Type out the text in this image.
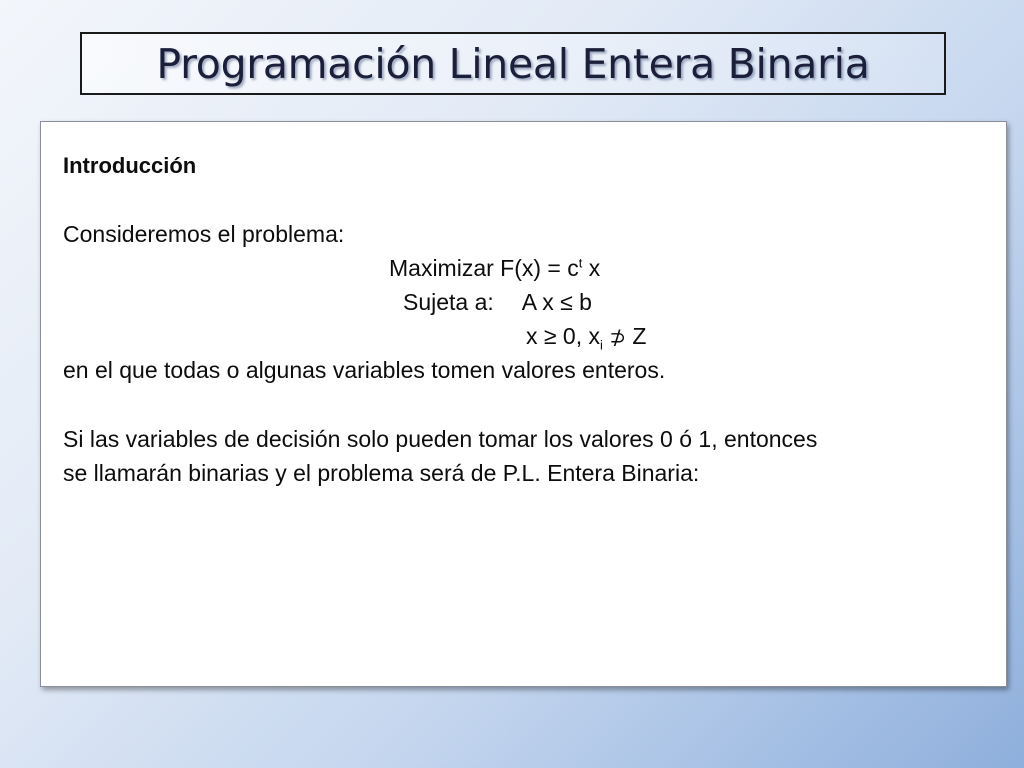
Programación Lineal Entera Binaria
Introducción
Consideremos el problema:
Maximizar $F(x) = c^t$ x
Sujeta a: A x ≤ b
x ≥ 0, $x_i$ ⊅ Z
en el que todas o algunas variables tomen valores enteros.
Si las variables de decisión solo pueden tomar los valores 0 ó 1, entonces
se llamarán binarias y el problema será de P.L. Entera Binaria:
